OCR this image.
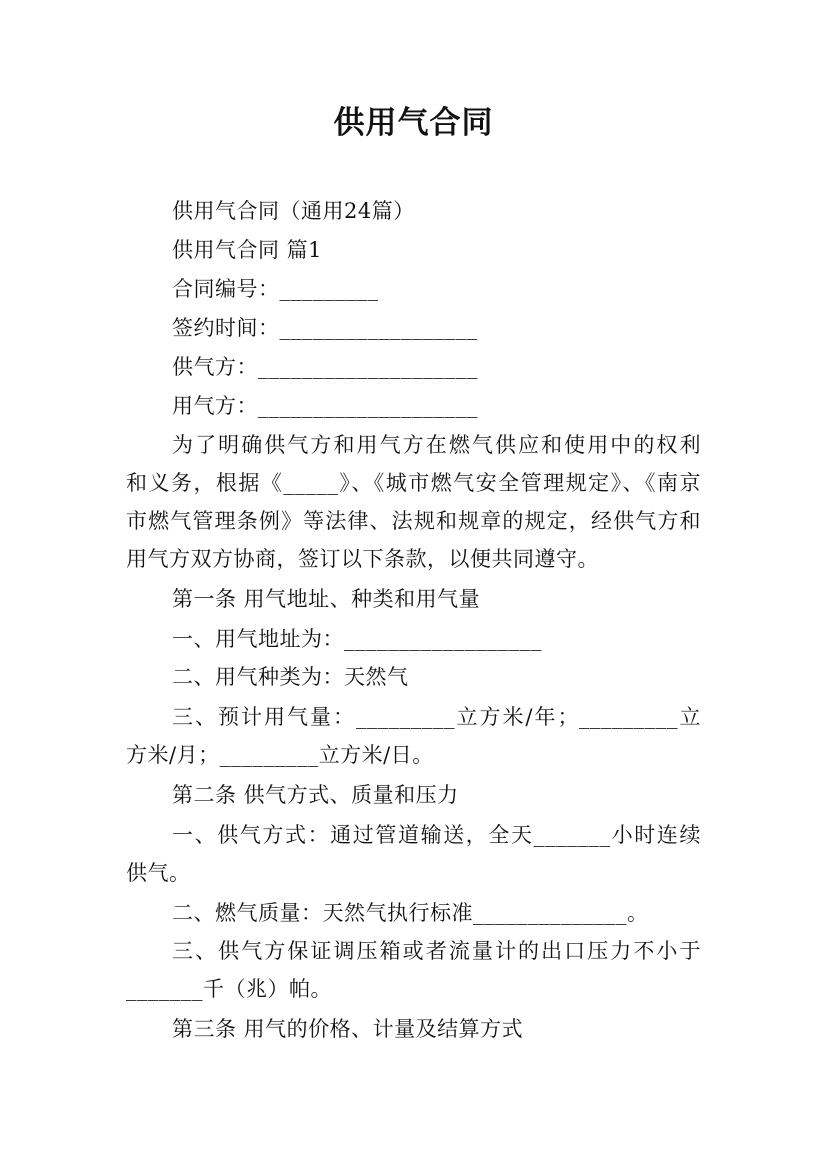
供用气合同
供用气合同（通用24篇）
供用气合同 篇1
合同编号：_________
签约时间：__________________
供气方：____________________
用气方：____________________
为了明确供气方和用气方在燃气供应和使用中的权利
和义务，根据《_____》、《城市燃气安全管理规定》、《南京
市燃气管理条例》等法律、法规和规章的规定，经供气方和
用气方双方协商，签订以下条款，以便共同遵守。
第一条 用气地址、种类和用气量
一、用气地址为：__________________
二、用气种类为：天然气
三、预计用气量：_________立方米/年；_________立
方米/月；_________立方米/日。
第二条 供气方式、质量和压力
一、供气方式：通过管道输送，全天_______小时连续
供气。
二、燃气质量：天然气执行标准______________。
三、供气方保证调压箱或者流量计的出口压力不小于
_______千（兆）帕。
第三条 用气的价格、计量及结算方式
